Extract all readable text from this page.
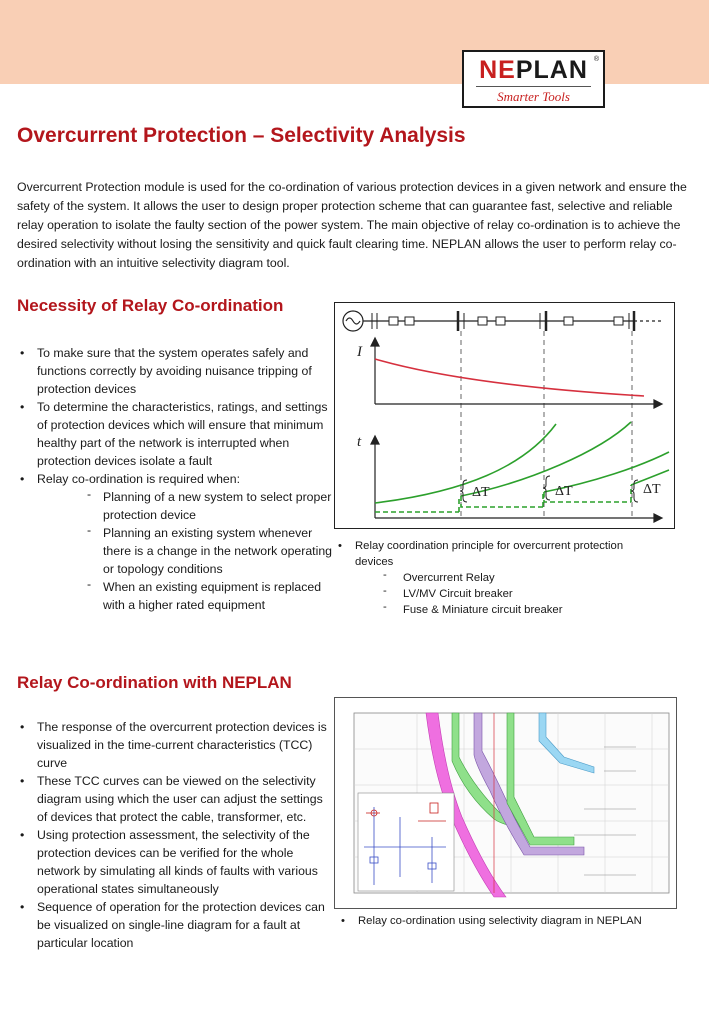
NEPLAN ®
Smarter Tools
Overcurrent Protection – Selectivity Analysis

Overcurrent Protection module is used for the co-ordination of various protection devices in a given network and ensure the safety of the system. It allows the user to design proper protection scheme that can guarantee fast, selective and reliable relay operation to isolate the faulty section of the power system. The main objective of relay co-ordination is to achieve the desired selectivity without losing the sensitivity and quick fault clearing time. NEPLAN allows the user to perform relay co-ordination with an intuitive selectivity diagram tool.

Necessity of Relay Co-ordination
• To make sure that the system operates safely and functions correctly by avoiding nuisance tripping of protection devices
• To determine the characteristics, ratings, and settings of protection devices which will ensure that minimum healthy part of the network is interrupted when protection devices isolate a fault
• Relay co-ordination is required when:
- Planning of a new system to select proper protection device
- Planning an existing system whenever there is a change in the network operating or topology conditions
- When an existing equipment is replaced with a higher rated equipment
I
t
ΔT	ΔT	ΔT
• Relay coordination principle for overcurrent protection devices
- Overcurrent Relay
- LV/MV Circuit breaker
- Fuse & Miniature circuit breaker
Relay Co-ordination with NEPLAN
• The response of the overcurrent protection devices is visualized in the time-current characteristics (TCC) curve
• These TCC curves can be viewed on the selectivity diagram using which the user can adjust the settings of devices that protect the cable, transformer, etc.
• Using protection assessment, the selectivity of the protection devices can be verified for the whole network by simulating all kinds of faults with various operational states simultaneously
• Sequence of operation for the protection devices can be visualized on single-line diagram for a fault at particular location
• Relay co-ordination using selectivity diagram in NEPLAN
